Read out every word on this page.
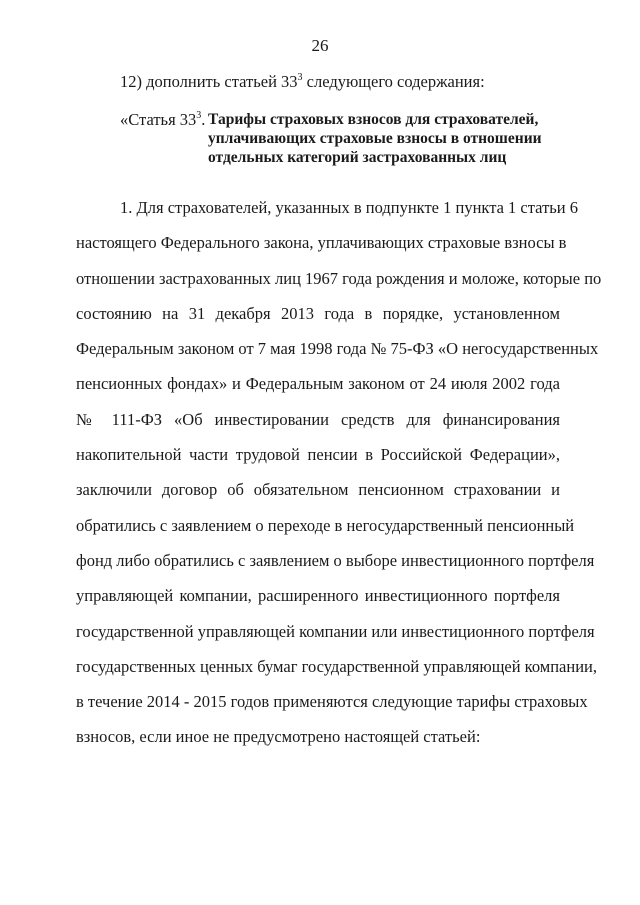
26
12) дополнить статьей $33^3$ следующего содержания:
«Статья $33^3$. Тарифы страховых взносов для страхователей,
уплачивающих страховые взносы в отношении
отдельных категорий застрахованных лиц
1. Для страхователей, указанных в подпункте 1 пункта 1 статьи 6
настоящего Федерального закона, уплачивающих страховые взносы в
отношении застрахованных лиц 1967 года рождения и моложе, которые по
состоянию на 31 декабря 2013 года в порядке, установленном
Федеральным законом от 7 мая 1998 года № 75-ФЗ «О негосударственных
пенсионных фондах» и Федеральным законом от 24 июля 2002 года
№ 111-ФЗ «Об инвестировании средств для финансирования
накопительной части трудовой пенсии в Российской Федерации»,
заключили договор об обязательном пенсионном страховании и
обратились с заявлением о переходе в негосударственный пенсионный
фонд либо обратились с заявлением о выборе инвестиционного портфеля
управляющей компании, расширенного инвестиционного портфеля
государственной управляющей компании или инвестиционного портфеля
государственных ценных бумаг государственной управляющей компании,
в течение 2014 - 2015 годов применяются следующие тарифы страховых
взносов, если иное не предусмотрено настоящей статьей:
